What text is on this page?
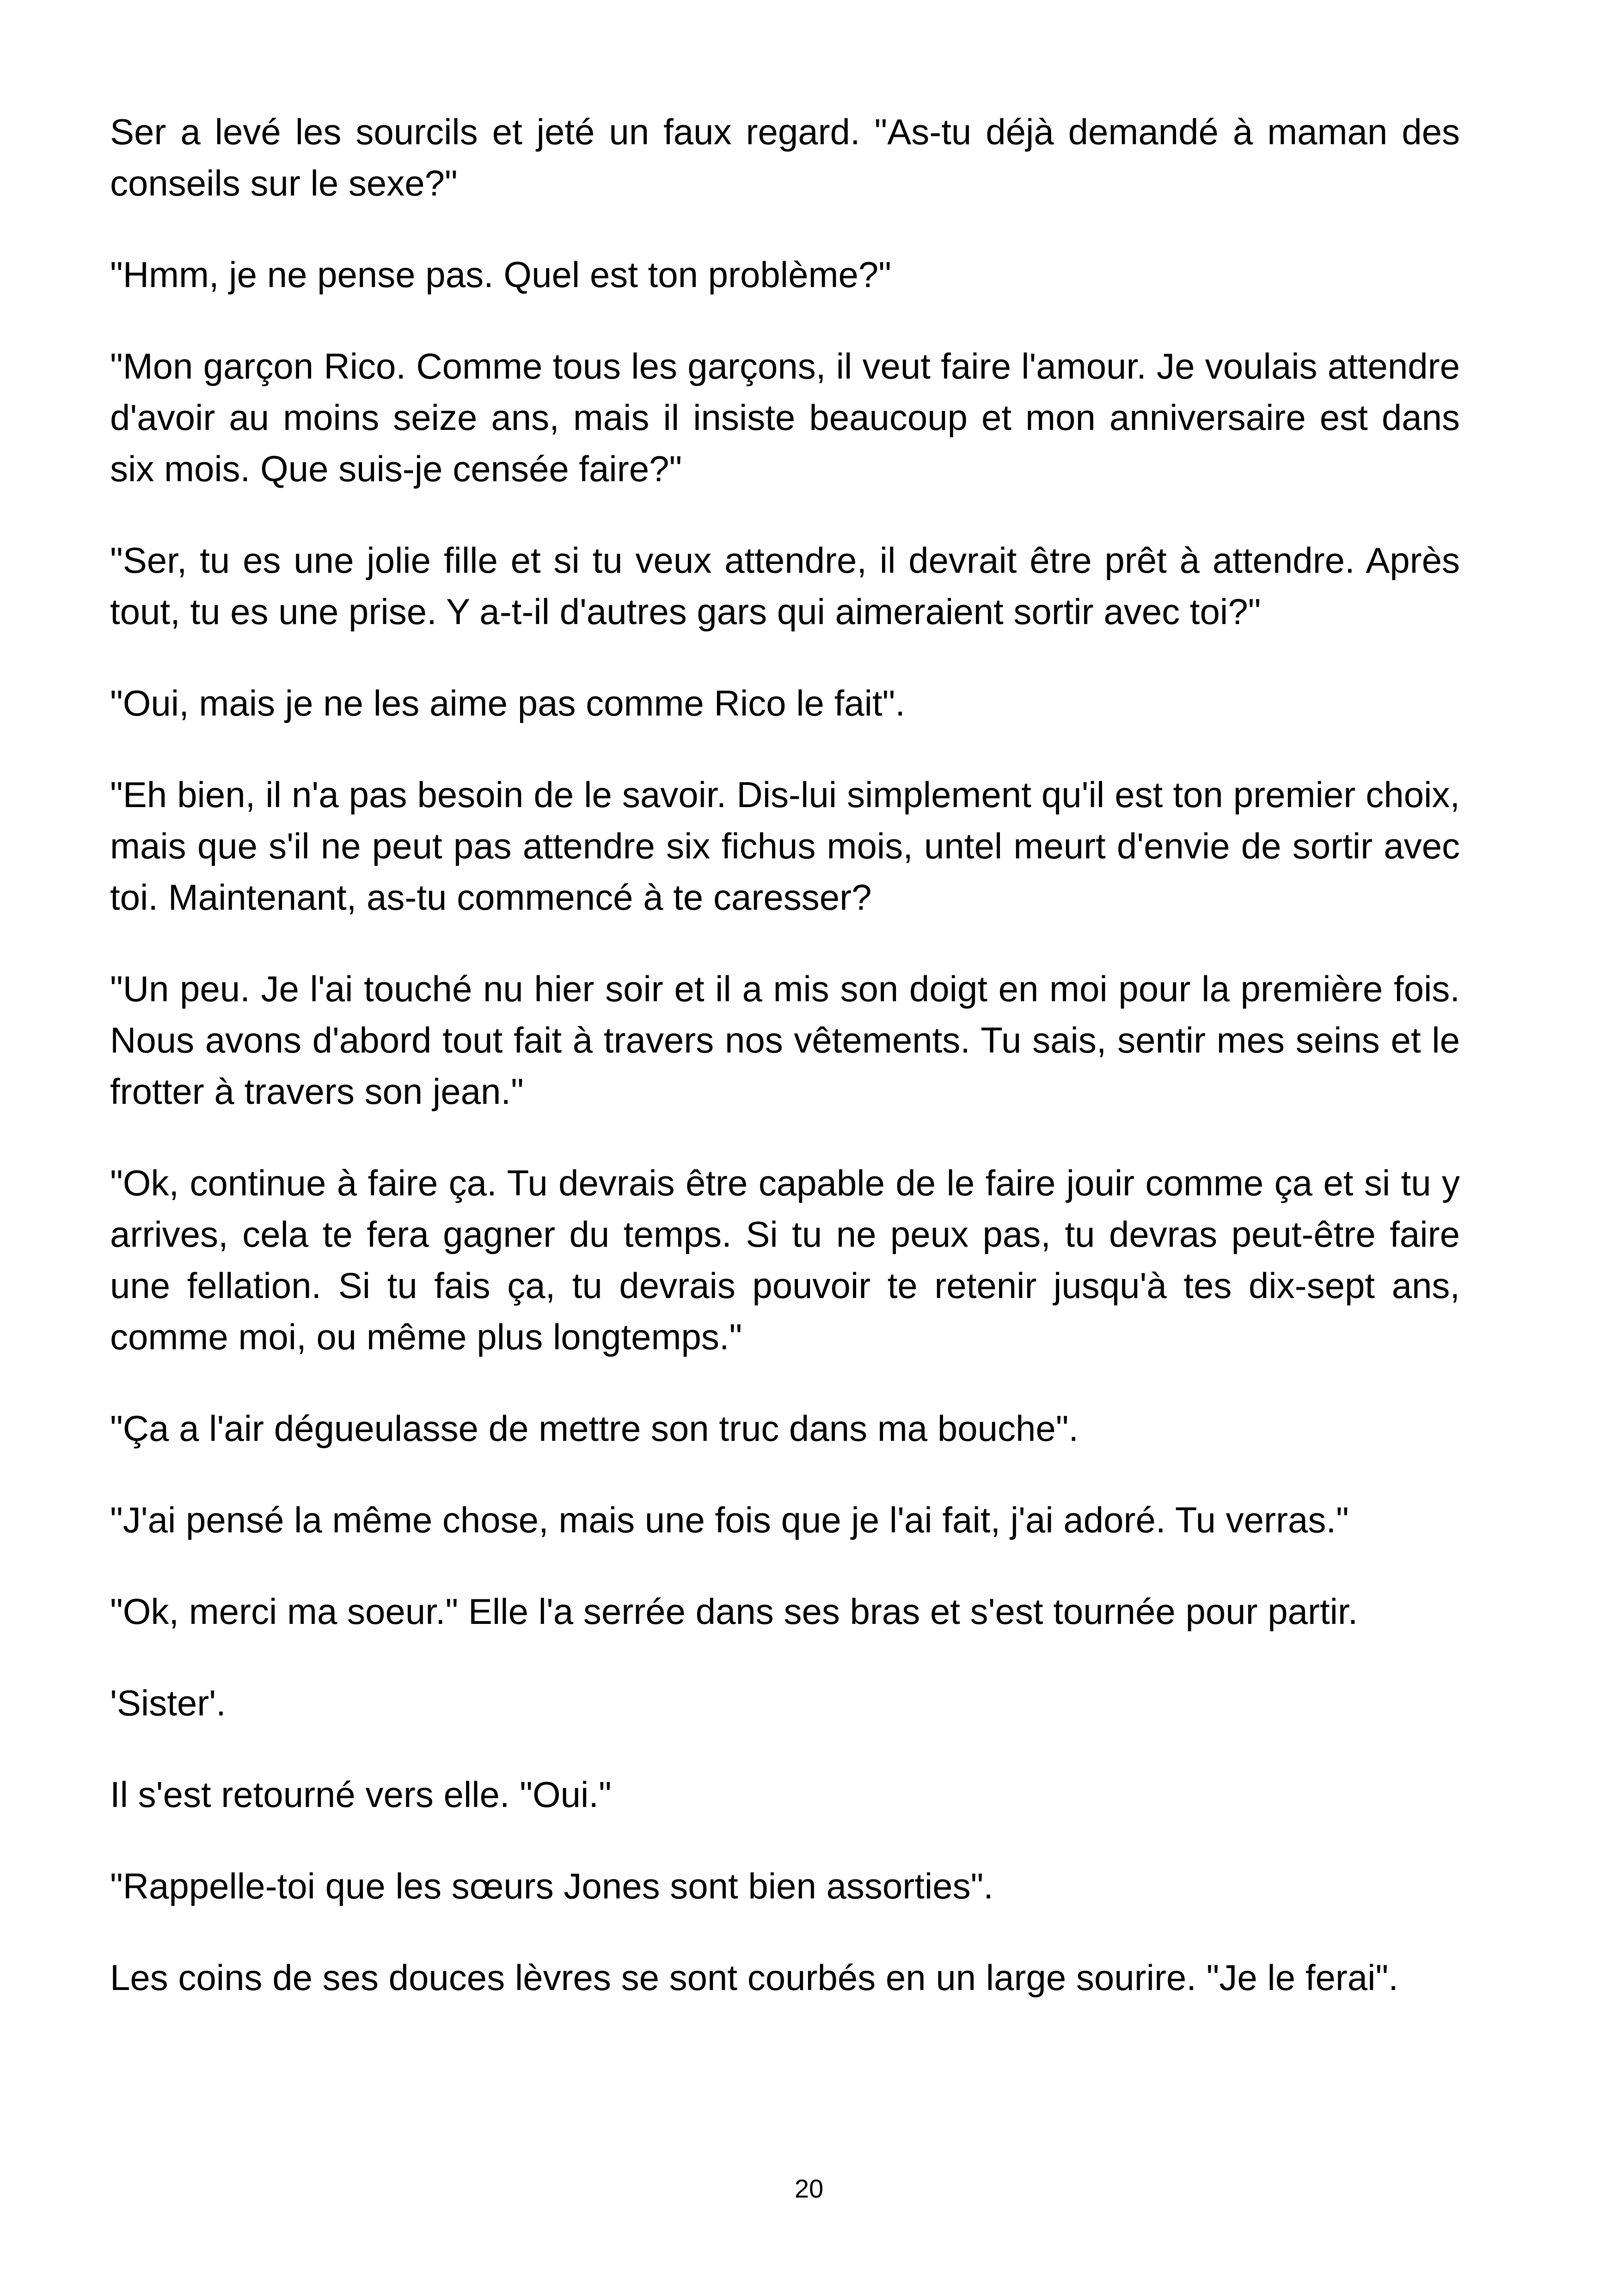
Ser a levé les sourcils et jeté un faux regard. "As-tu déjà demandé à maman des conseils sur le sexe?"

"Hmm, je ne pense pas. Quel est ton problème?"

"Mon garçon Rico. Comme tous les garçons, il veut faire l'amour. Je voulais attendre d'avoir au moins seize ans, mais il insiste beaucoup et mon anniversaire est dans six mois. Que suis-je censée faire?"

"Ser, tu es une jolie fille et si tu veux attendre, il devrait être prêt à attendre. Après tout, tu es une prise. Y a-t-il d'autres gars qui aimeraient sortir avec toi?"

"Oui, mais je ne les aime pas comme Rico le fait".

"Eh bien, il n'a pas besoin de le savoir. Dis-lui simplement qu'il est ton premier choix, mais que s'il ne peut pas attendre six fichus mois, untel meurt d'envie de sortir avec toi. Maintenant, as-tu commencé à te caresser?

"Un peu. Je l'ai touché nu hier soir et il a mis son doigt en moi pour la première fois. Nous avons d'abord tout fait à travers nos vêtements. Tu sais, sentir mes seins et le frotter à travers son jean."

"Ok, continue à faire ça. Tu devrais être capable de le faire jouir comme ça et si tu y arrives, cela te fera gagner du temps. Si tu ne peux pas, tu devras peut-être faire une fellation. Si tu fais ça, tu devrais pouvoir te retenir jusqu'à tes dix-sept ans, comme moi, ou même plus longtemps."

"Ça a l'air dégueulasse de mettre son truc dans ma bouche".

"J'ai pensé la même chose, mais une fois que je l'ai fait, j'ai adoré. Tu verras."

"Ok, merci ma soeur." Elle l'a serrée dans ses bras et s'est tournée pour partir.

'Sister'.

Il s'est retourné vers elle. "Oui."

"Rappelle-toi que les sœurs Jones sont bien assorties".

Les coins de ses douces lèvres se sont courbés en un large sourire. "Je le ferai".

20
